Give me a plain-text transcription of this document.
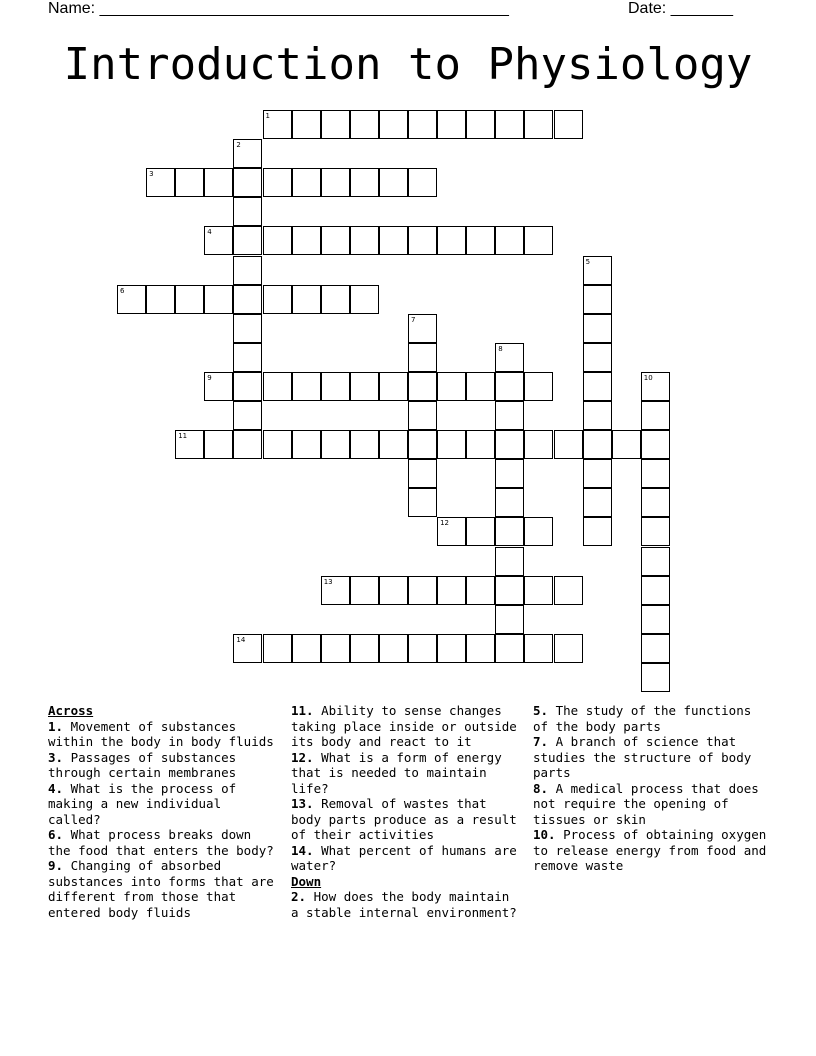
Name: ______________________________________________	Date: _______
Introduction to Physiology
1
2
3
4
5
6
7
8
9	10
11
12
13
14
Across

1. Movement of substances within the body in body fluids

3. Passages of substances through certain membranes

4. What is the process of making a new individual called?

6. What process breaks down the food that enters the body?

9. Changing of absorbed substances into forms that are different from those that entered body fluids

11. Ability to sense changes taking place inside or outside its body and react to it

12. What is a form of energy that is needed to maintain life?

13. Removal of wastes that body parts produce as a result of their activities

14. What percent of humans are water?

Down

2. How does the body maintain a stable internal environment?

5. The study of the functions of the body parts

7. A branch of science that studies the structure of body parts

8. A medical process that does not require the opening of tissues or skin

10. Process of obtaining oxygen to release energy from food and remove waste
